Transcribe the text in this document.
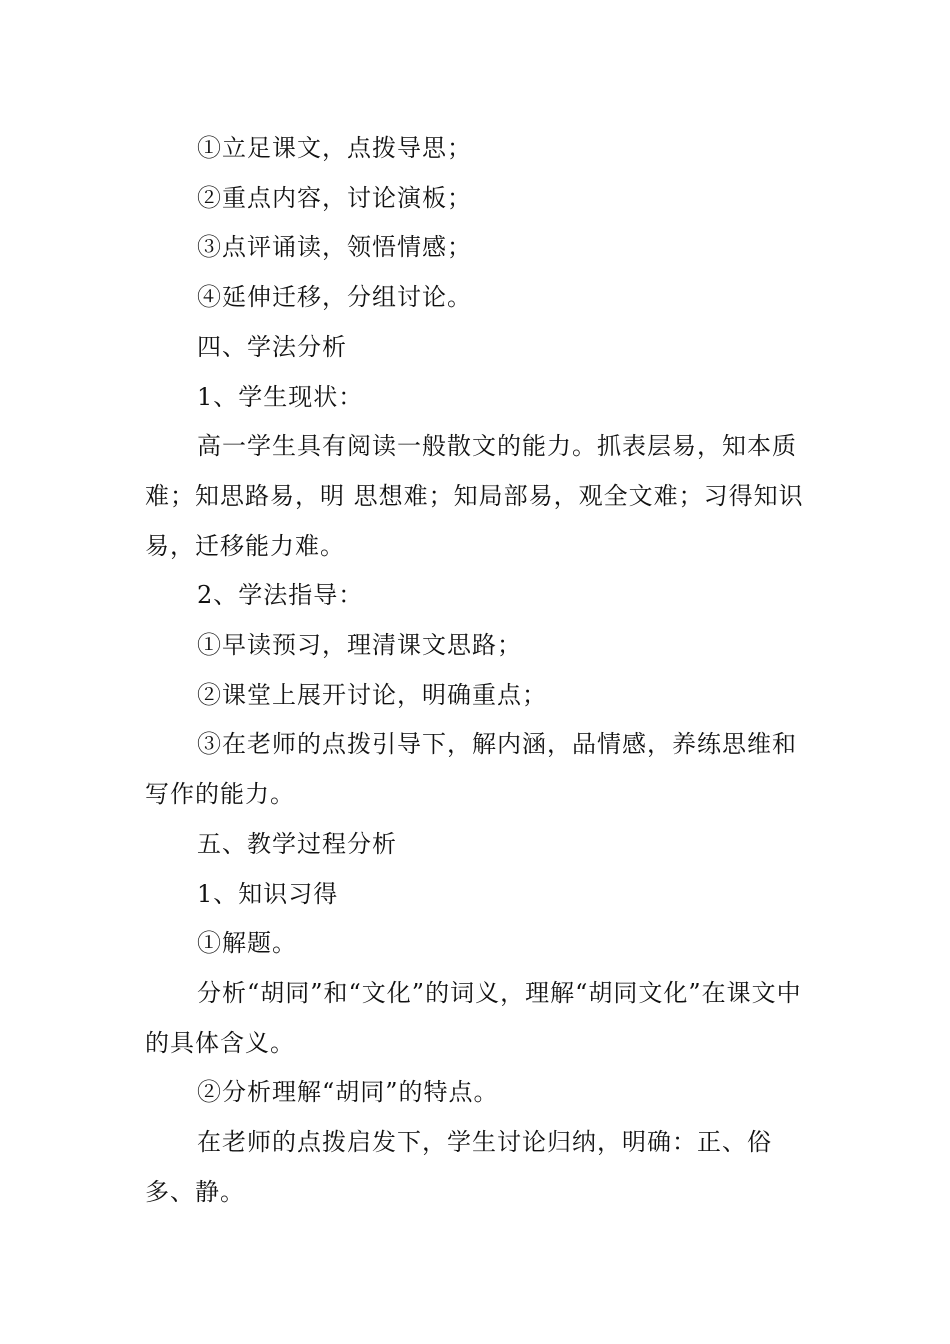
①立足课文，点拨导思；

②重点内容，讨论演板；

③点评诵读，领悟情感；

④延伸迁移，分组讨论。

四、学法分析

1、学生现状：

高一学生具有阅读一般散文的能力。抓表层易，知本质难；知思路易，明 思想难；知局部易，观全文难；习得知识易，迁移能力难。

2、学法指导：

①早读预习，理清课文思路；

②课堂上展开讨论，明确重点；

③在老师的点拨引导下，解内涵，品情感，养练思维和写作的能力。

五、教学过程分析

1、知识习得

①解题。

分析“胡同”和“文化”的词义，理解“胡同文化”在课文中的具体含义。

②分析理解“胡同”的特点。

在老师的点拨启发下，学生讨论归纳，明确：正、俗多、静。
